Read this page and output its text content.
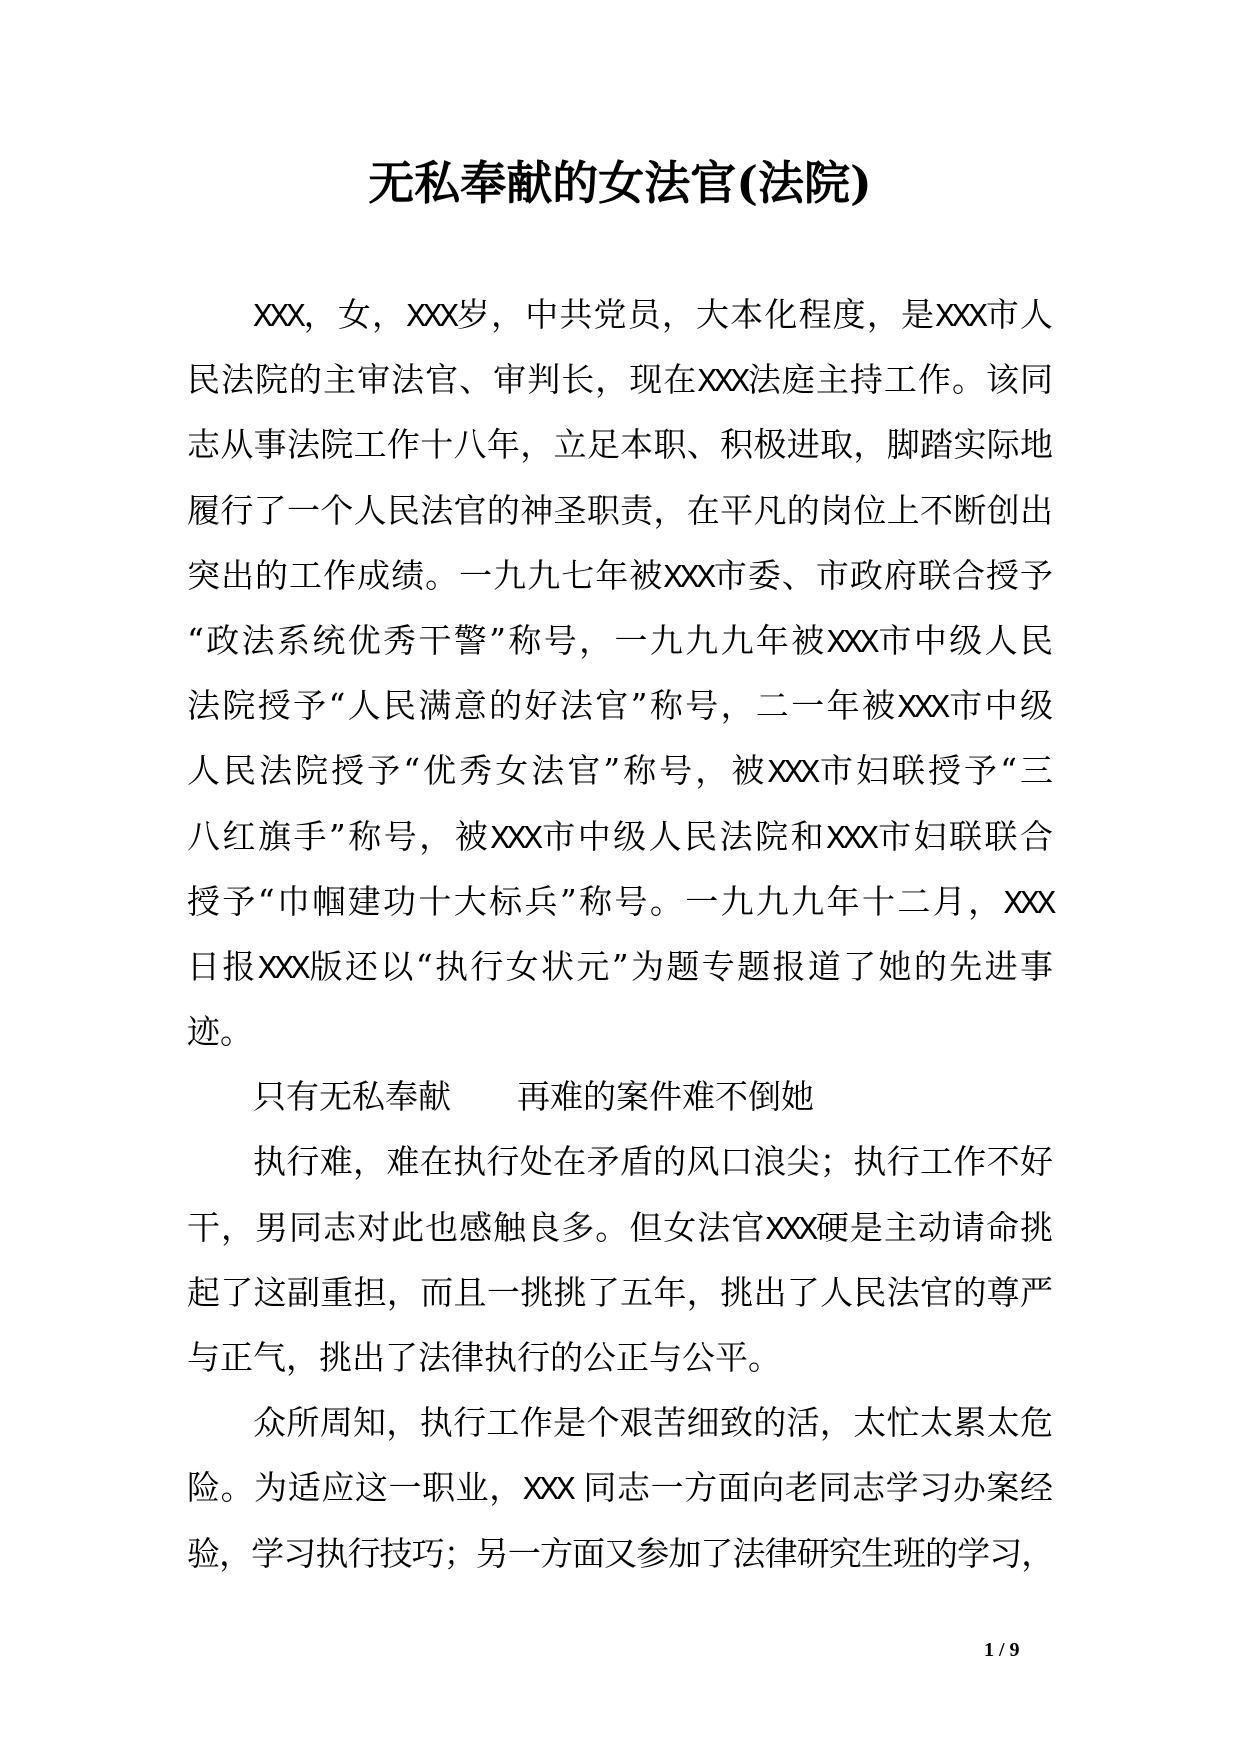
无私奉献的女法官(法院)
XXX，女，XXX岁，中共党员，大本化程度，是XXX市人
民法院的主审法官、审判长，现在XXX法庭主持工作。该同
志从事法院工作十八年，立足本职、积极进取，脚踏实际地
履行了一个人民法官的神圣职责，在平凡的岗位上不断创出
突出的工作成绩。一九九七年被XXX市委、市政府联合授予
“政法系统优秀干警”称号，一九九九年被XXX市中级人民
法院授予“人民满意的好法官”称号，二一年被XXX市中级
人民法院授予“优秀女法官”称号，被XXX市妇联授予“三
八红旗手”称号，被XXX市中级人民法院和XXX市妇联联合
授予“巾帼建功十大标兵”称号。一九九九年十二月，XXX
日报XXX版还以“执行女状元”为题专题报道了她的先进事
迹。
只有无私奉献　　再难的案件难不倒她
执行难，难在执行处在矛盾的风口浪尖；执行工作不好
干，男同志对此也感触良多。但女法官XXX硬是主动请命挑
起了这副重担，而且一挑挑了五年，挑出了人民法官的尊严
与正气，挑出了法律执行的公正与公平。
众所周知，执行工作是个艰苦细致的活，太忙太累太危
险。为适应这一职业，XXX 同志一方面向老同志学习办案经
验，学习执行技巧；另一方面又参加了法律研究生班的学习，
1 / 9
